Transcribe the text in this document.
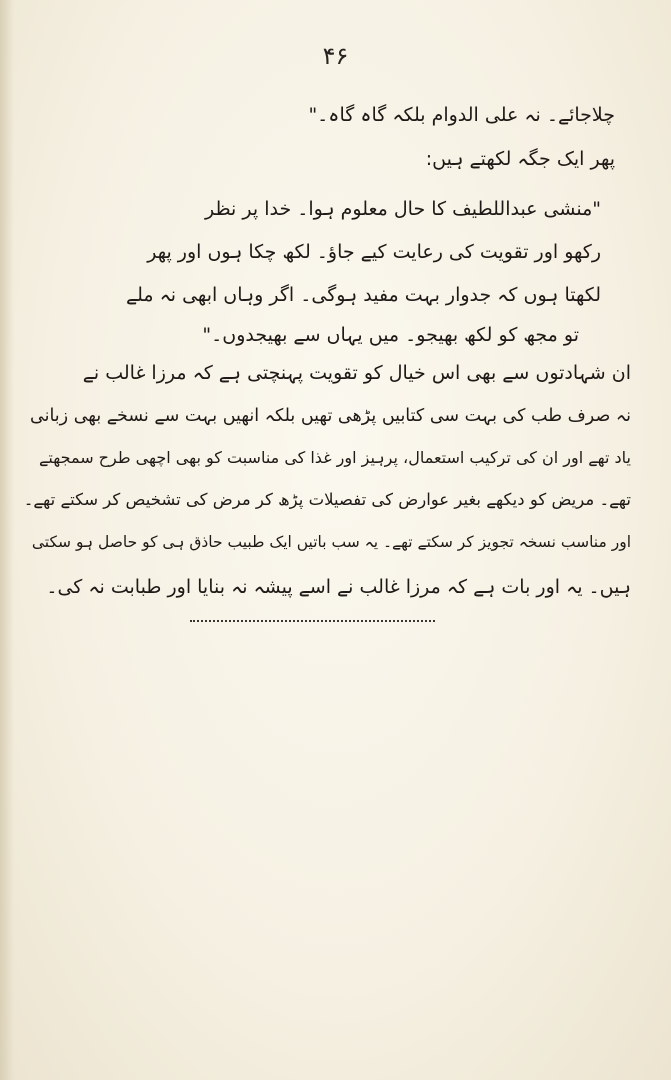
۴۶
چلاجائے۔ نہ علی الدوام بلکہ گاہ گاہ۔"
پھر ایک جگہ لکھتے ہیں:
"منشی عبداللطیف کا حال معلوم ہوا۔ خدا پر نظر
رکھو اور تقویت کی رعایت کیے جاؤ۔ لکھ چکا ہوں اور پھر
لکھتا ہوں کہ جدوار بہت مفید ہوگی۔ اگر وہاں ابھی نہ ملے
تو مجھ کو لکھ بھیجو۔ میں یہاں سے بھیجدوں۔"
ان شہادتوں سے بھی اس خیال کو تقویت پہنچتی ہے کہ مرزا غالب نے
نہ صرف طب کی بہت سی کتابیں پڑھی تھیں بلکہ انھیں بہت سے نسخے بھی زبانی
یاد تھے اور ان کی ترکیب استعمال، پرہیز اور غذا کی مناسبت کو بھی اچھی طرح سمجھتے
تھے۔ مریض کو دیکھے بغیر عوارض کی تفصیلات پڑھ کر مرض کی تشخیص کر سکتے تھے۔
اور مناسب نسخہ تجویز کر سکتے تھے۔ یہ سب باتیں ایک طبیب حاذق ہی کو حاصل ہو سکتی
ہیں۔ یہ اور بات ہے کہ مرزا غالب نے اسے پیشہ نہ بنایا اور طبابت نہ کی۔
